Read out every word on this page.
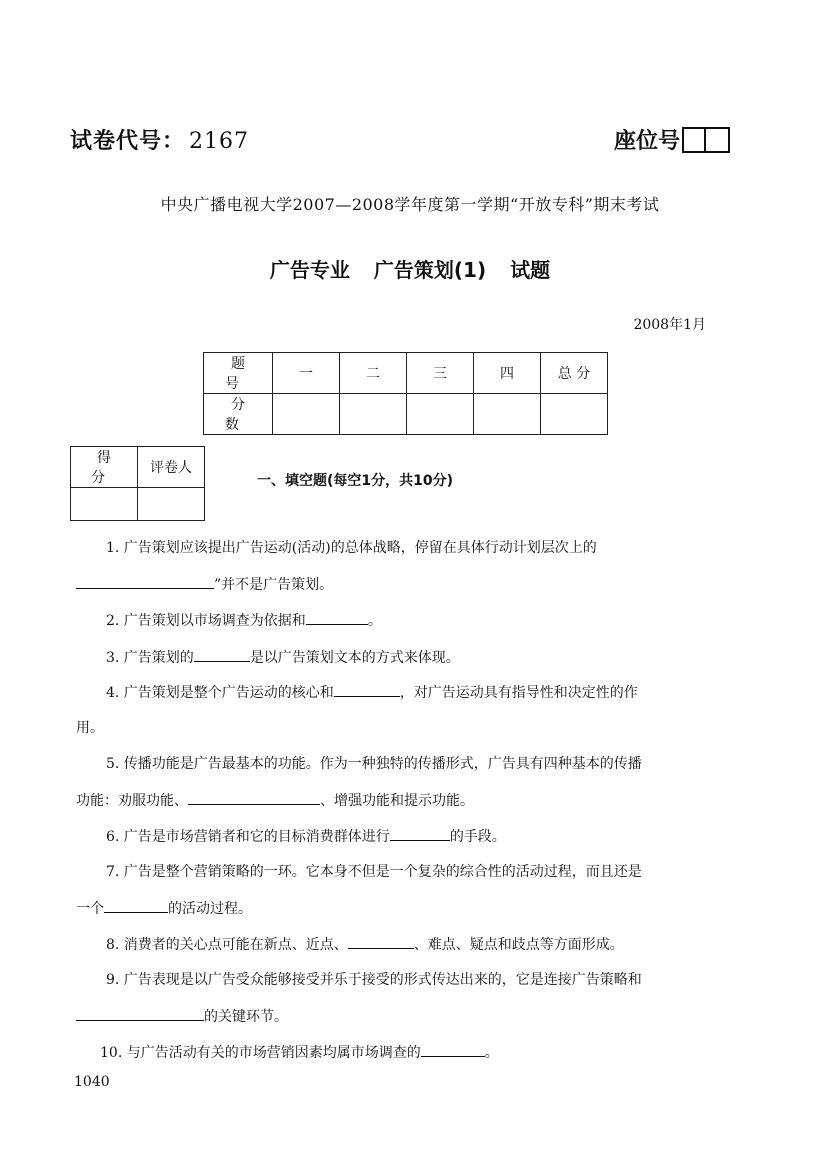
试卷代号： 2167	座位号
中央广播电视大学2007—2008学年度第一学期“开放专科”期末考试
广告专业 广告策划(1) 试题
2008年1月
题 号	一	二	三	四	总 分
分 数					
得 分	评卷人

一、填空题(每空1分，共10分)
1. 广告策划应该提出广告运动(活动)的总体战略，停留在具体行动计划层次上的
”并不是广告策划。
2. 广告策划以市场调查为依据和	。
3. 广告策划的	是以广告策划文本的方式来体现。
4. 广告策划是整个广告运动的核心和	，对广告运动具有指导性和决定性的作
用。
5. 传播功能是广告最基本的功能。作为一种独特的传播形式，广告具有四种基本的传播
功能：劝服功能、	、增强功能和提示功能。
6. 广告是市场营销者和它的目标消费群体进行	的手段。
7. 广告是整个营销策略的一环。它本身不但是一个复杂的综合性的活动过程，而且还是
一个	的活动过程。
8. 消费者的关心点可能在新点、近点、	、难点、疑点和歧点等方面形成。
9. 广告表现是以广告受众能够接受并乐于接受的形式传达出来的，它是连接广告策略和
的关键环节。
10. 与广告活动有关的市场营销因素均属市场调查的	。
1040
